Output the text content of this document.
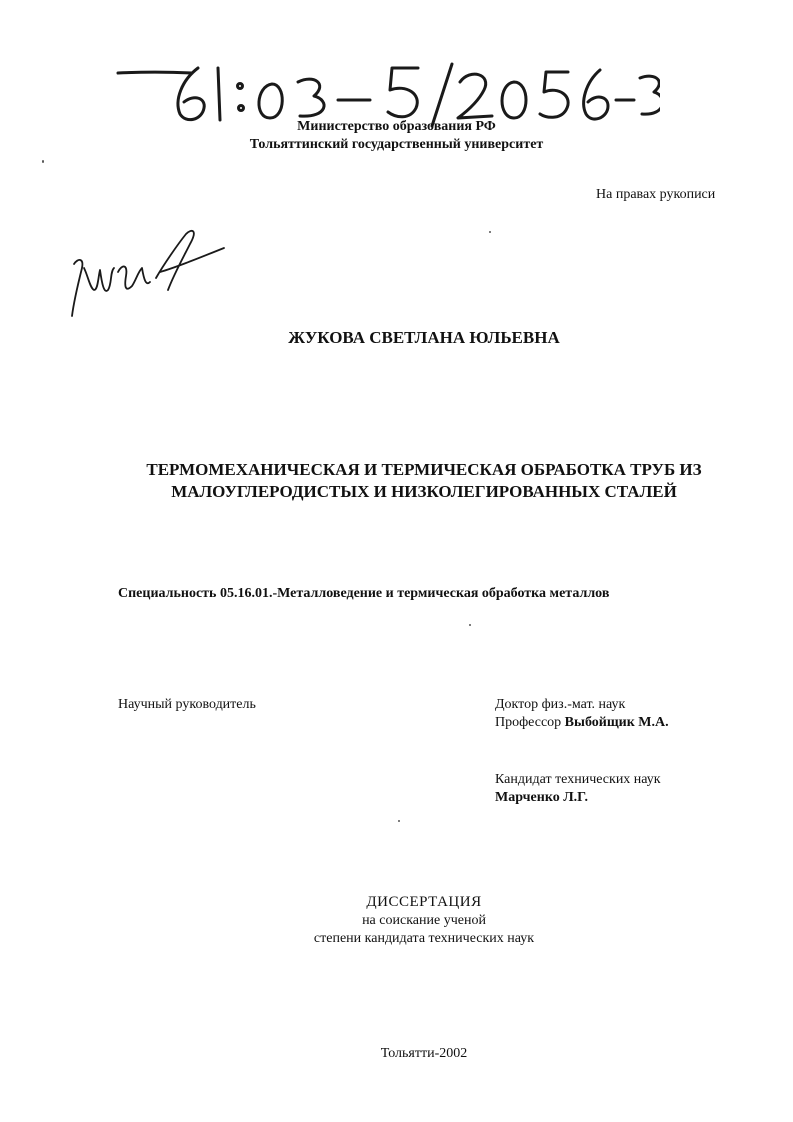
Министерство образования РФ
Тольяттинский государственный университет
На правах рукописи
ЖУКОВА СВЕТЛАНА ЮЛЬЕВНА
ТЕРМОМЕХАНИЧЕСКАЯ И ТЕРМИЧЕСКАЯ ОБРАБОТКА ТРУБ ИЗ
МАЛОУГЛЕРОДИСТЫХ И НИЗКОЛЕГИРОВАННЫХ СТАЛЕЙ
Специальность 05.16.01.-Металловедение и термическая обработка металлов
Научный руководитель	Доктор физ.-мат. наук
Профессор Выбойщик М.А.
Кандидат технических наук
Марченко Л.Г.
ДИССЕРТАЦИЯ
на соискание ученой
степени кандидата технических наук
Тольятти-2002
